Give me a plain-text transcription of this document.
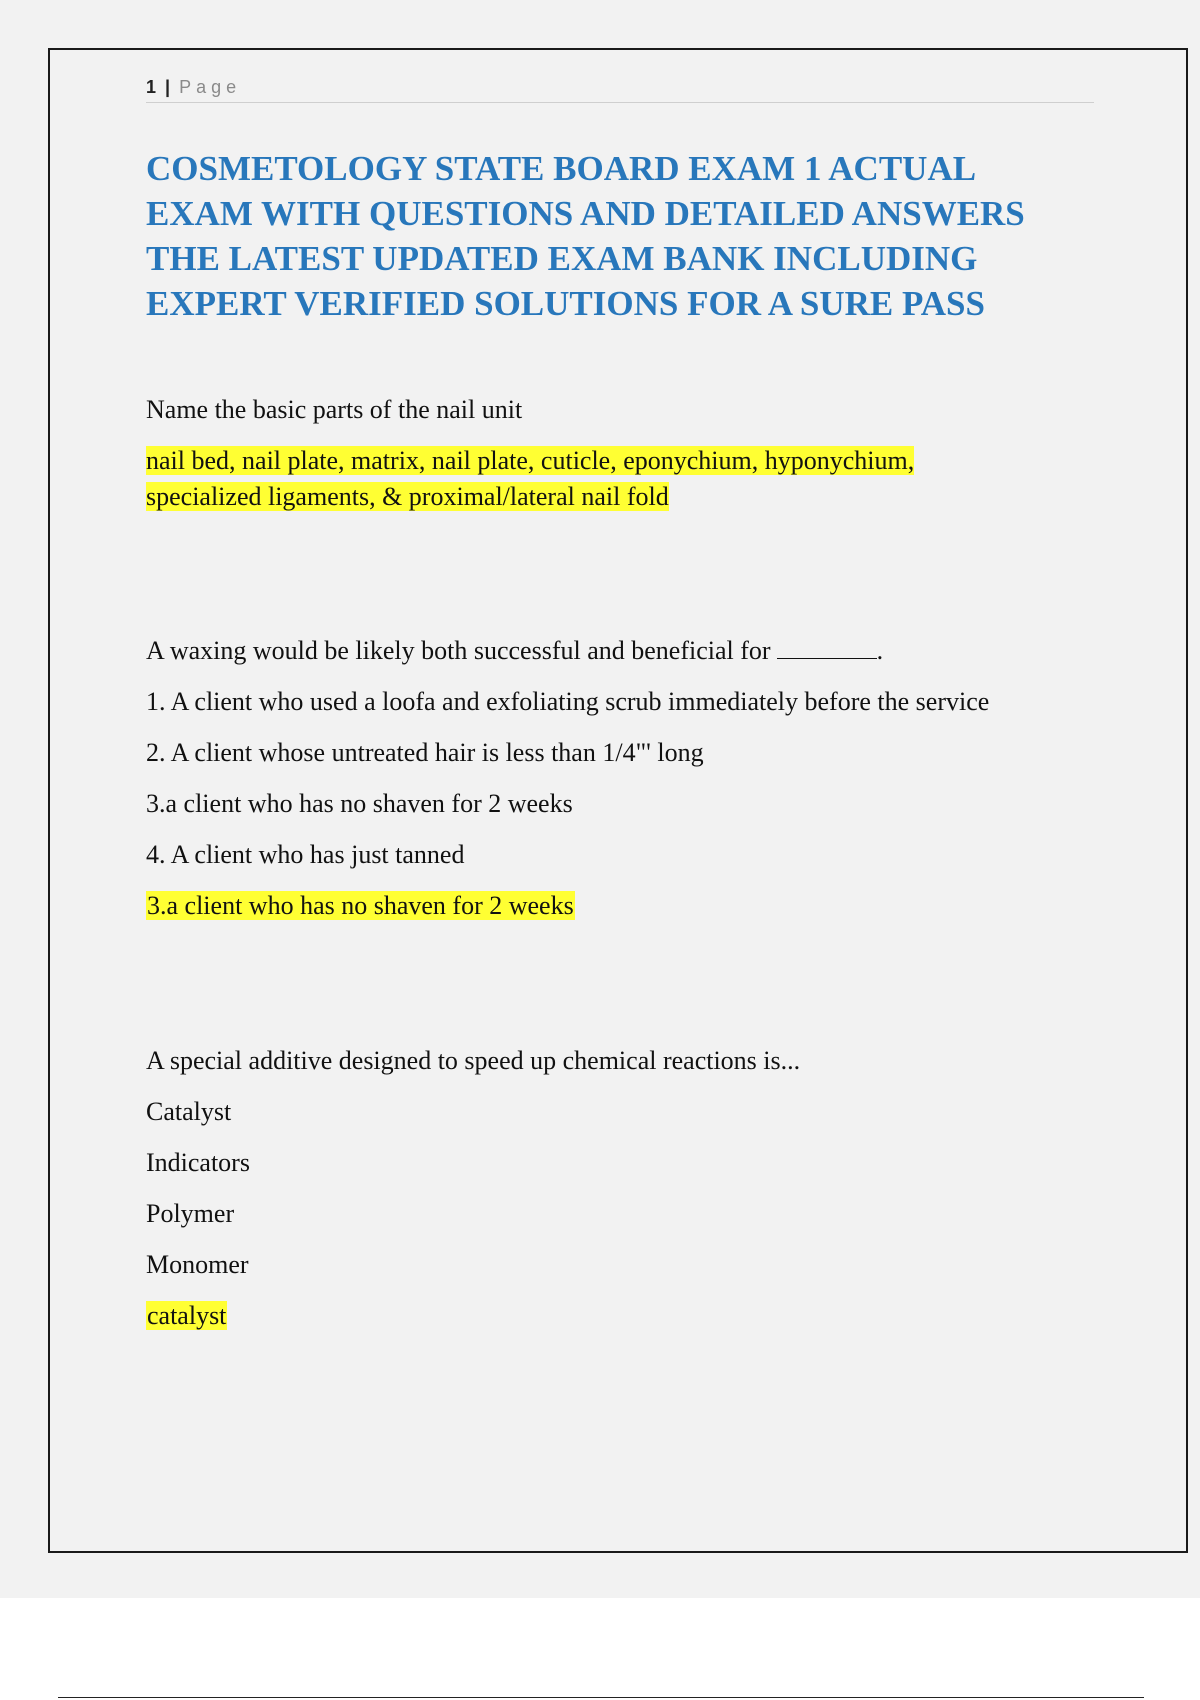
1 | Page
COSMETOLOGY STATE BOARD EXAM 1 ACTUAL
EXAM WITH QUESTIONS AND DETAILED ANSWERS
THE LATEST UPDATED EXAM BANK INCLUDING
EXPERT VERIFIED SOLUTIONS FOR A SURE PASS
Name the basic parts of the nail unit
nail bed, nail plate, matrix, nail plate, cuticle, eponychium, hyponychium,
specialized ligaments, & proximal/lateral nail fold
A waxing would be likely both successful and beneficial for	.
1. A client who used a loofa and exfoliating scrub immediately before the service
2. A client whose untreated hair is less than 1/4"' long
3.a client who has no shaven for 2 weeks
4. A client who has just tanned
3.a client who has no shaven for 2 weeks
A special additive designed to speed up chemical reactions is...
Catalyst
Indicators
Polymer
Monomer
catalyst
